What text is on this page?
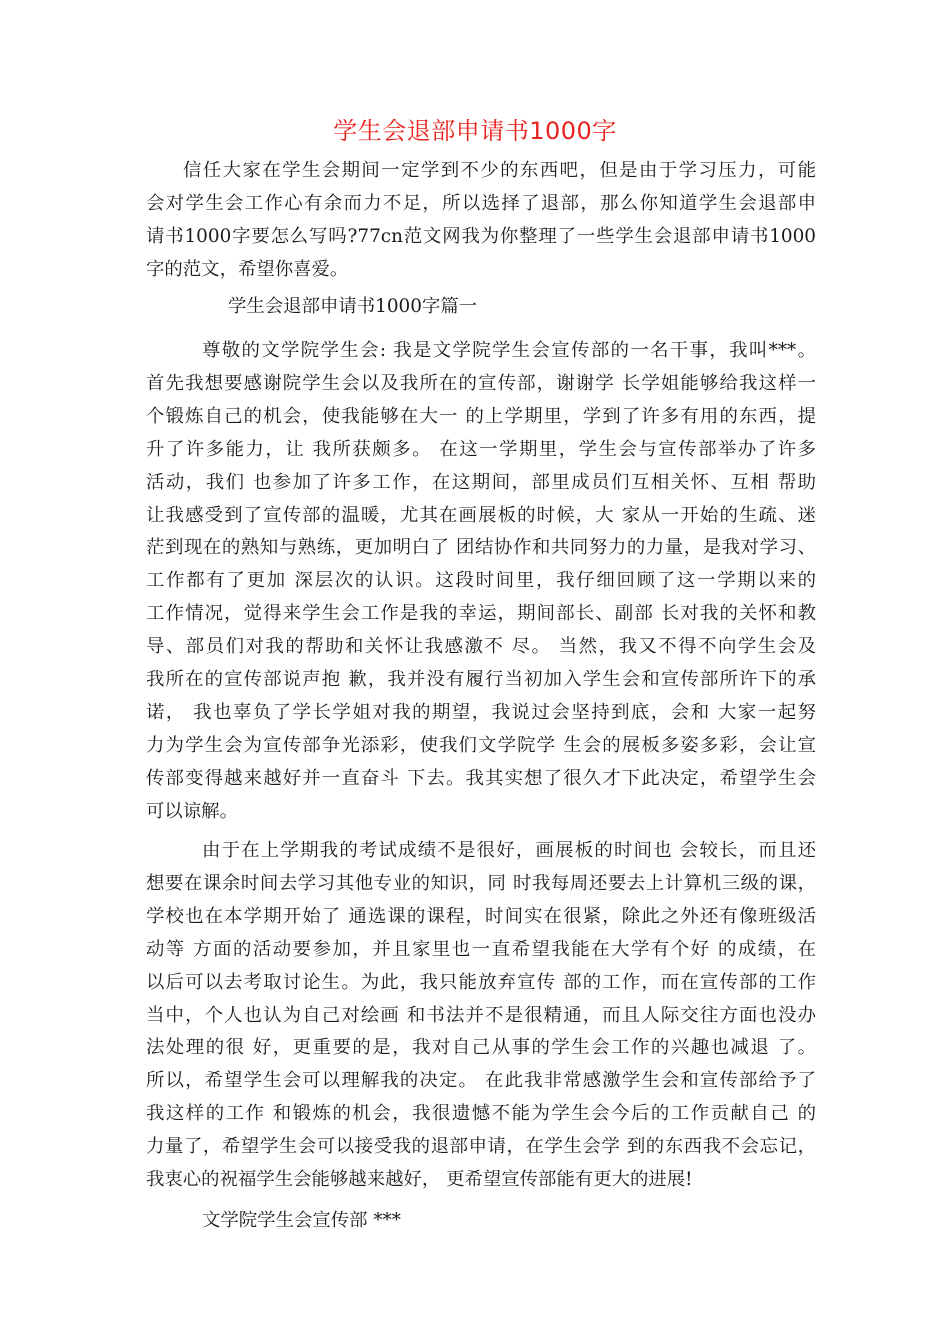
学生会退部申请书1000字
信任大家在学生会期间一定学到不少的东西吧，但是由于学习压力，可能
会对学生会工作心有余而力不足，所以选择了退部，那么你知道学生会退部申
请书1000字要怎么写吗?77cn范文网我为你整理了一些学生会退部申请书1000
字的范文，希望你喜爱。
学生会退部申请书1000字篇一
尊敬的文学院学生会: 我是文学院学生会宣传部的一名干事，我叫***。
首先我想要感谢院学生会以及我所在的宣传部，谢谢学 长学姐能够给我这样一
个锻炼自己的机会，使我能够在大一 的上学期里，学到了许多有用的东西，提
升了许多能力，让 我所获颇多。 在这一学期里，学生会与宣传部举办了许多
活动，我们 也参加了许多工作，在这期间，部里成员们互相关怀、互相 帮助
让我感受到了宣传部的温暖，尤其在画展板的时候，大 家从一开始的生疏、迷
茫到现在的熟知与熟练，更加明白了 团结协作和共同努力的力量，是我对学习、
工作都有了更加 深层次的认识。这段时间里，我仔细回顾了这一学期以来的
工作情况，觉得来学生会工作是我的幸运，期间部长、副部 长对我的关怀和教
导、部员们对我的帮助和关怀让我感激不 尽。 当然，我又不得不向学生会及
我所在的宣传部说声抱 歉，我并没有履行当初加入学生会和宣传部所许下的承
诺， 我也辜负了学长学姐对我的期望，我说过会坚持到底，会和 大家一起努
力为学生会为宣传部争光添彩，使我们文学院学 生会的展板多姿多彩，会让宣
传部变得越来越好并一直奋斗 下去。我其实想了很久才下此决定，希望学生会
可以谅解。
由于在上学期我的考试成绩不是很好，画展板的时间也 会较长，而且还
想要在课余时间去学习其他专业的知识，同 时我每周还要去上计算机三级的课，
学校也在本学期开始了 通选课的课程，时间实在很紧，除此之外还有像班级活
动等 方面的活动要参加，并且家里也一直希望我能在大学有个好 的成绩，在
以后可以去考取讨论生。为此，我只能放弃宣传 部的工作，而在宣传部的工作
当中，个人也认为自己对绘画 和书法并不是很精通，而且人际交往方面也没办
法处理的很 好，更重要的是，我对自己从事的学生会工作的兴趣也减退 了。
所以，希望学生会可以理解我的决定。 在此我非常感激学生会和宣传部给予了
我这样的工作 和锻炼的机会，我很遗憾不能为学生会今后的工作贡献自己 的
力量了，希望学生会可以接受我的退部申请，在学生会学 到的东西我不会忘记，
我衷心的祝福学生会能够越来越好， 更希望宣传部能有更大的进展!
文学院学生会宣传部 ***
